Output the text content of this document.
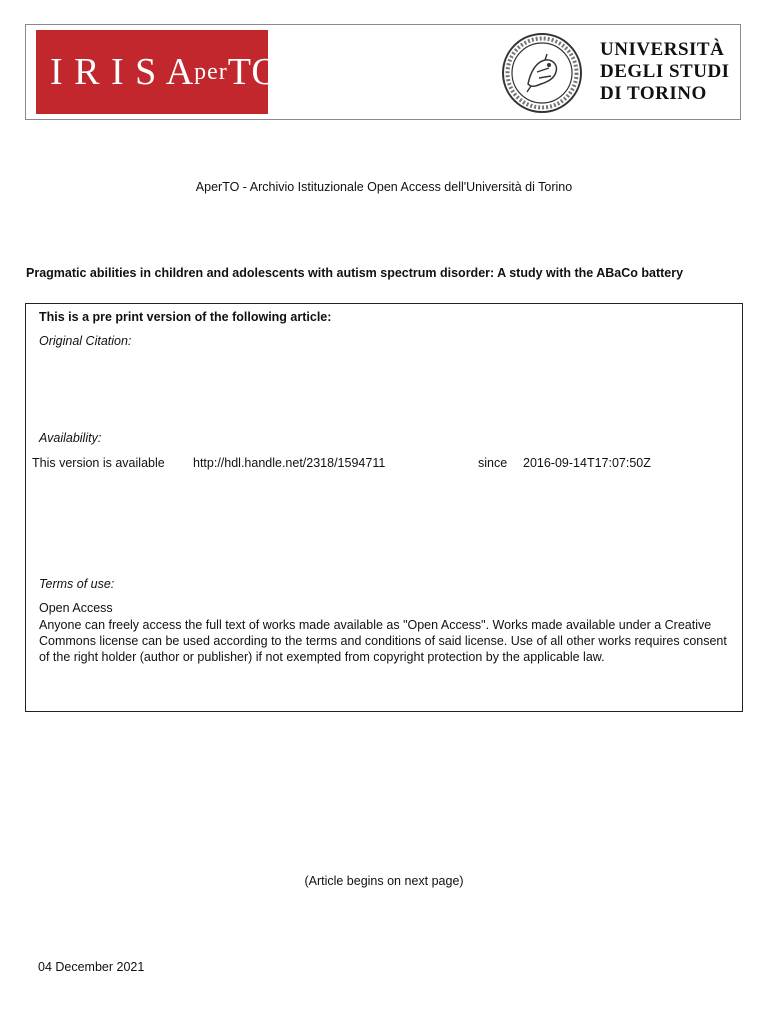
I R I S A per TO
UNIVERSITÀ
DEGLI STUDI
DI TORINO
AperTO - Archivio Istituzionale Open Access dell'Università di Torino
Pragmatic abilities in children and adolescents with autism spectrum disorder: A study with the ABaCo battery
This is a pre print version of the following article:
Original Citation:
Availability:
This version is available http://hdl.handle.net/2318/1594711	since 2016-09-14T17:07:50Z
Terms of use:
Open Access
Anyone can freely access the full text of works made available as "Open Access". Works made available under a Creative Commons license can be used according to the terms and conditions of said license. Use of all other works requires consent of the right holder (author or publisher) if not exempted from copyright protection by the applicable law.
(Article begins on next page)
04 December 2021
